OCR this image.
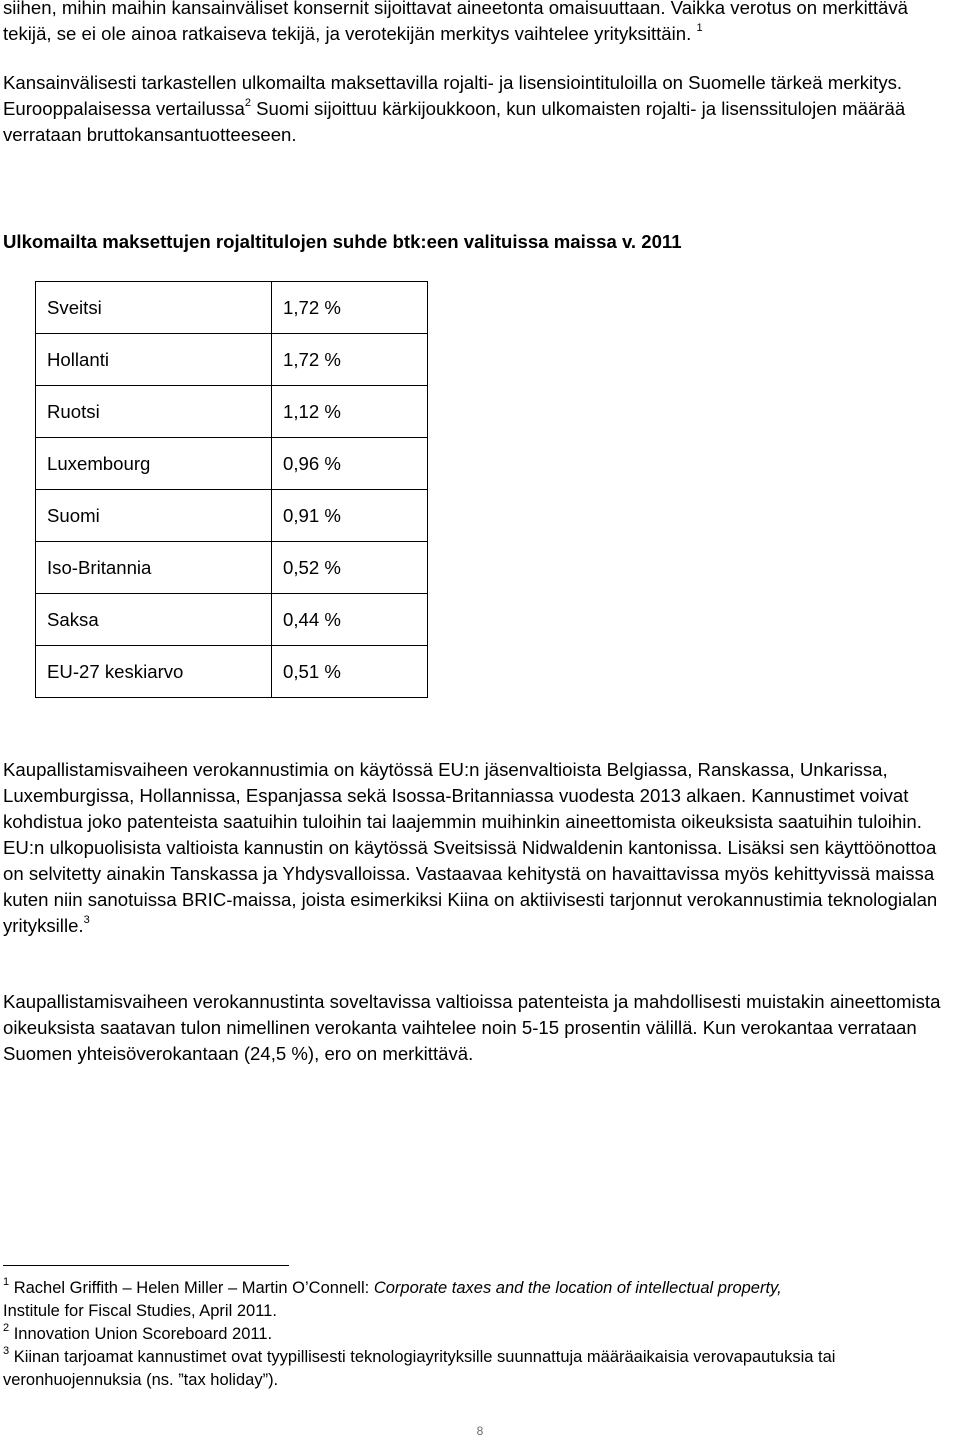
siihen, mihin maihin kansainväliset konsernit sijoittavat aineetonta omaisuuttaan. Vaikka verotus on merkittävä tekijä, se ei ole ainoa ratkaiseva tekijä, ja verotekijän merkitys vaihtelee yrityksittäin. $^1$

Kansainvälisesti tarkastellen ulkomailta maksettavilla rojalti- ja lisensiointituloilla on Suomelle tärkeä merkitys. Eurooppalaisessa vertailussa$^2$ Suomi sijoittuu kärkijoukkoon, kun ulkomaisten rojalti- ja lisenssitulojen määrää verrataan bruttokansantuotteeseen.

Ulkomailta maksettujen rojaltitulojen suhde btk:een valituissa maissa v. 2011
Sveitsi	1,72 %
Hollanti	1,72 %
Ruotsi	1,12 %
Luxembourg	0,96 %
Suomi	0,91 %
Iso-Britannia	0,52 %
Saksa	0,44 %
EU-27 keskiarvo	0,51 %

Kaupallistamisvaiheen verokannustimia on käytössä EU:n jäsenvaltioista Belgiassa, Ranskassa, Unkarissa, Luxemburgissa, Hollannissa, Espanjassa sekä Isossa-Britanniassa vuodesta 2013 alkaen. Kannustimet voivat kohdistua joko patenteista saatuihin tuloihin tai laajemmin muihinkin aineettomista oikeuksista saatuihin tuloihin. EU:n ulkopuolisista valtioista kannustin on käytössä Sveitsissä Nidwaldenin kantonissa. Lisäksi sen käyttöönottoa on selvitetty ainakin Tanskassa ja Yhdysvalloissa. Vastaavaa kehitystä on havaittavissa myös kehittyvissä maissa kuten niin sanotuissa BRIC-maissa, joista esimerkiksi Kiina on aktiivisesti tarjonnut verokannustimia teknologialan yrityksille.$^3$

Kaupallistamisvaiheen verokannustinta soveltavissa valtioissa patenteista ja mahdollisesti muistakin aineettomista oikeuksista saatavan tulon nimellinen verokanta vaihtelee noin 5-15 prosentin välillä. Kun verokantaa verrataan Suomen yhteisöverokantaan (24,5 %), ero on merkittävä.

$^1$ Rachel Griffith – Helen Miller – Martin O’Connell: Corporate taxes and the location of intellectual property,
Institule for Fiscal Studies, April 2011.

$^2$ Innovation Union Scoreboard 2011.

$^3$ Kiinan tarjoamat kannustimet ovat tyypillisesti teknologiayrityksille suunnattuja määräaikaisia verovapautuksia tai veronhuojennuksia (ns. ”tax holiday”).

8
